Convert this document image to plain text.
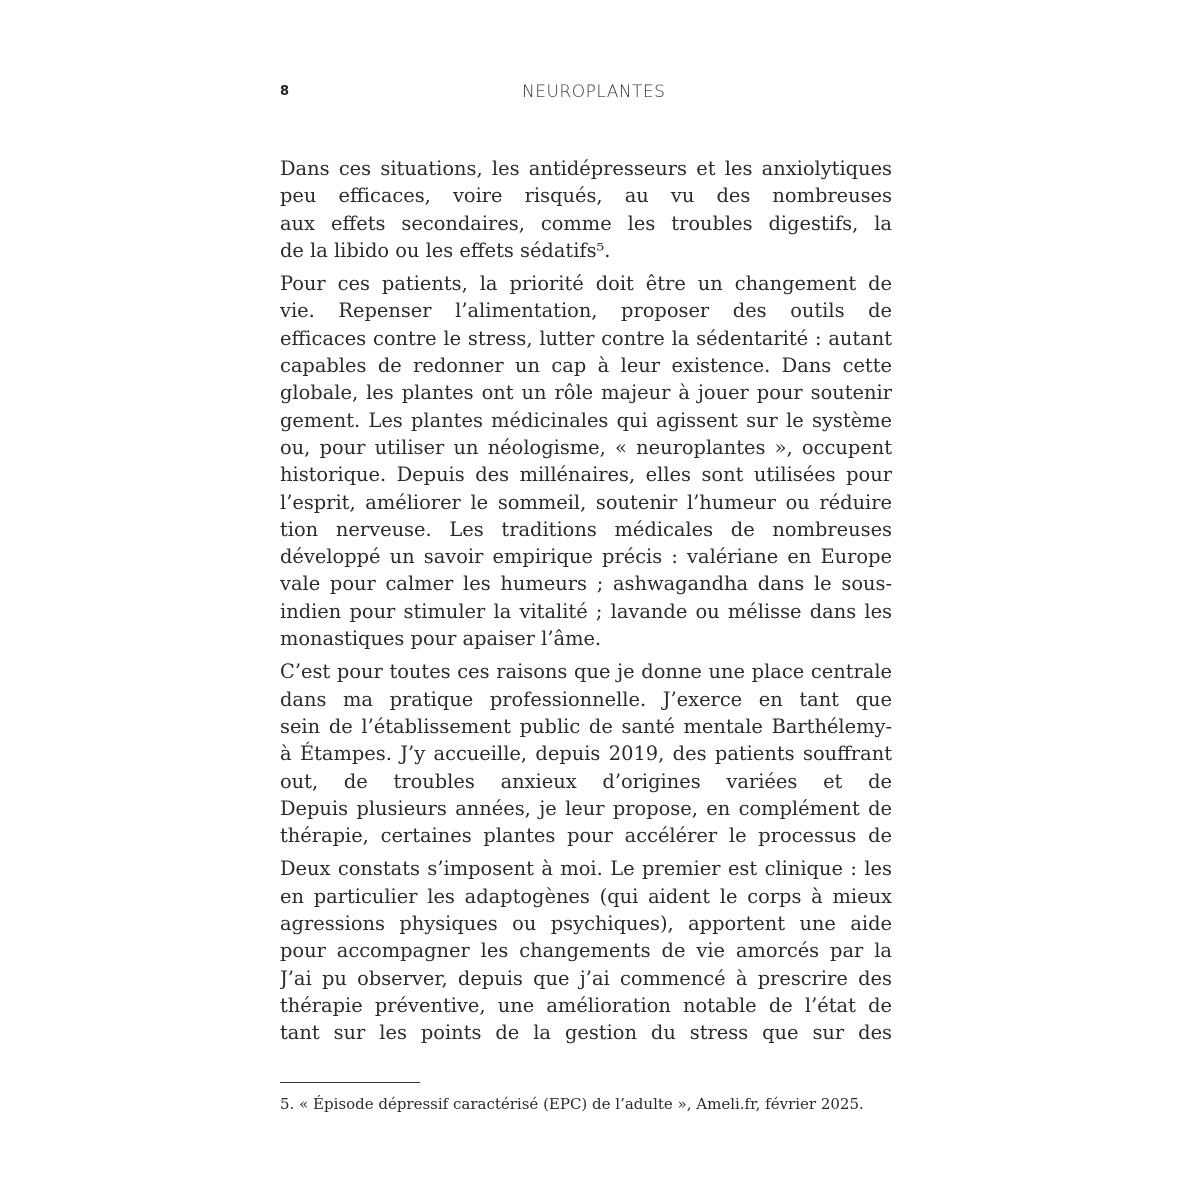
8	NEUROPLANTES
Dans ces situations, les antidépresseurs et les anxiolytiques
peu efficaces, voire risqués, au vu des nombreuses
aux effets secondaires, comme les troubles digestifs, la
de la libido ou les effets sédatifs⁵.
Pour ces patients, la priorité doit être un changement de
vie. Repenser l’alimentation, proposer des outils de
efficaces contre le stress, lutter contre la sédentarité : autant
capables de redonner un cap à leur existence. Dans cette
globale, les plantes ont un rôle majeur à jouer pour soutenir
gement. Les plantes médicinales qui agissent sur le système
ou, pour utiliser un néologisme, « neuroplantes », occupent
historique. Depuis des millénaires, elles sont utilisées pour
l’esprit, améliorer le sommeil, soutenir l’humeur ou réduire
tion nerveuse. Les traditions médicales de nombreuses
développé un savoir empirique précis : valériane en Europe
vale pour calmer les humeurs ; ashwagandha dans le sous-
indien pour stimuler la vitalité ; lavande ou mélisse dans les
monastiques pour apaiser l’âme.
C’est pour toutes ces raisons que je donne une place centrale
dans ma pratique professionnelle. J’exerce en tant que
sein de l’établissement public de santé mentale Barthélemy-
à Étampes. J’y accueille, depuis 2019, des patients souffrant
out, de troubles anxieux d’origines variées et de
Depuis plusieurs années, je leur propose, en complément de
thérapie, certaines plantes pour accélérer le processus de
Deux constats s’imposent à moi. Le premier est clinique : les
en particulier les adaptogènes (qui aident le corps à mieux
agressions physiques ou psychiques), apportent une aide
pour accompagner les changements de vie amorcés par la
J’ai pu observer, depuis que j’ai commencé à prescrire des
thérapie préventive, une amélioration notable de l’état de
tant sur les points de la gestion du stress que sur des
5. « Épisode dépressif caractérisé (EPC) de l’adulte », Ameli.fr, février 2025.
